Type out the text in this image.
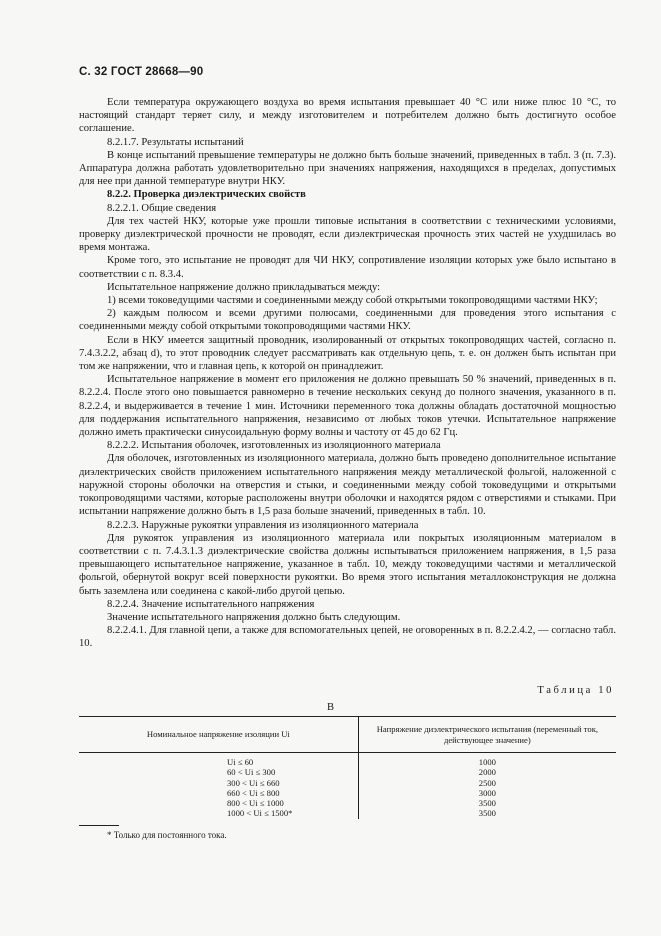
С. 32 ГОСТ 28668—90

Если температура окружающего воздуха во время испытания превышает 40 °С или ниже плюс 10 °С, то настоящий стандарт теряет силу, и между изготовителем и потребителем должно быть достигнуто особое соглашение.

8.2.1.7. Результаты испытаний

В конце испытаний превышение температуры не должно быть больше значений, приведенных в табл. 3 (п. 7.3). Аппаратура должна работать удовлетворительно при значениях напряжения, находящихся в пределах, допустимых для нее при данной температуре внутри НКУ.

8.2.2. Проверка диэлектрических свойств

8.2.2.1. Общие сведения

Для тех частей НКУ, которые уже прошли типовые испытания в соответствии с техническими условиями, проверку диэлектрической прочности не проводят, если диэлектрическая прочность этих частей не ухудшилась во время монтажа.

Кроме того, это испытание не проводят для ЧИ НКУ, сопротивление изоляции которых уже было испытано в соответствии с п. 8.3.4.

Испытательное напряжение должно прикладываться между:

1) всеми токоведущими частями и соединенными между собой открытыми токопроводящими частями НКУ;

2) каждым полюсом и всеми другими полюсами, соединенными для проведения этого испытания с соединенными между собой открытыми токопроводящими частями НКУ.

Если в НКУ имеется защитный проводник, изолированный от открытых токопроводящих частей, согласно п. 7.4.3.2.2, абзац d), то этот проводник следует рассматривать как отдельную цепь, т. е. он должен быть испытан при том же напряжении, что и главная цепь, к которой он принадлежит.

Испытательное напряжение в момент его приложения не должно превышать 50 % значений, приведенных в п. 8.2.2.4. После этого оно повышается равномерно в течение нескольких секунд до полного значения, указанного в п. 8.2.2.4, и выдерживается в течение 1 мин. Источники переменного тока должны обладать достаточной мощностью для поддержания испытательного напряжения, независимо от любых токов утечки. Испытательное напряжение должно иметь практически синусоидальную форму волны и частоту от 45 до 62 Гц.

8.2.2.2. Испытания оболочек, изготовленных из изоляционного материала

Для оболочек, изготовленных из изоляционного материала, должно быть проведено дополнительное испытание диэлектрических свойств приложением испытательного напряжения между металлической фольгой, наложенной с наружной стороны оболочки на отверстия и стыки, и соединенными между собой токоведущими и открытыми токопроводящими частями, которые расположены внутри оболочки и находятся рядом с отверстиями и стыками. При испытании напряжение должно быть в 1,5 раза больше значений, приведенных в табл. 10.

8.2.2.3. Наружные рукоятки управления из изоляционного материала

Для рукояток управления из изоляционного материала или покрытых изоляционным материалом в соответствии с п. 7.4.3.1.3 диэлектрические свойства должны испытываться приложением напряжения, в 1,5 раза превышающего испытательное напряжение, указанное в табл. 10, между токоведущими частями и металлической фольгой, обернутой вокруг всей поверхности рукоятки. Во время этого испытания металлоконструкция не должна быть заземлена или соединена с какой-либо другой цепью.

8.2.2.4. Значение испытательного напряжения

Значение испытательного напряжения должно быть следующим.

8.2.2.4.1. Для главной цепи, а также для вспомогательных цепей, не оговоренных в п. 8.2.2.4.2, — согласно табл. 10.

Таблица 10
В
Номинальное напряжение изоляции Ui	Напряжение диэлектрического испытания (переменный ток, действующее значение)
Ui ≤ 60	1000
60 < Ui ≤ 300	2000
300 < Ui ≤ 660	2500
660 < Ui ≤ 800	3000
800 < Ui ≤ 1000	3500
1000 < Ui ≤ 1500*	3500
* Только для постоянного тока.
